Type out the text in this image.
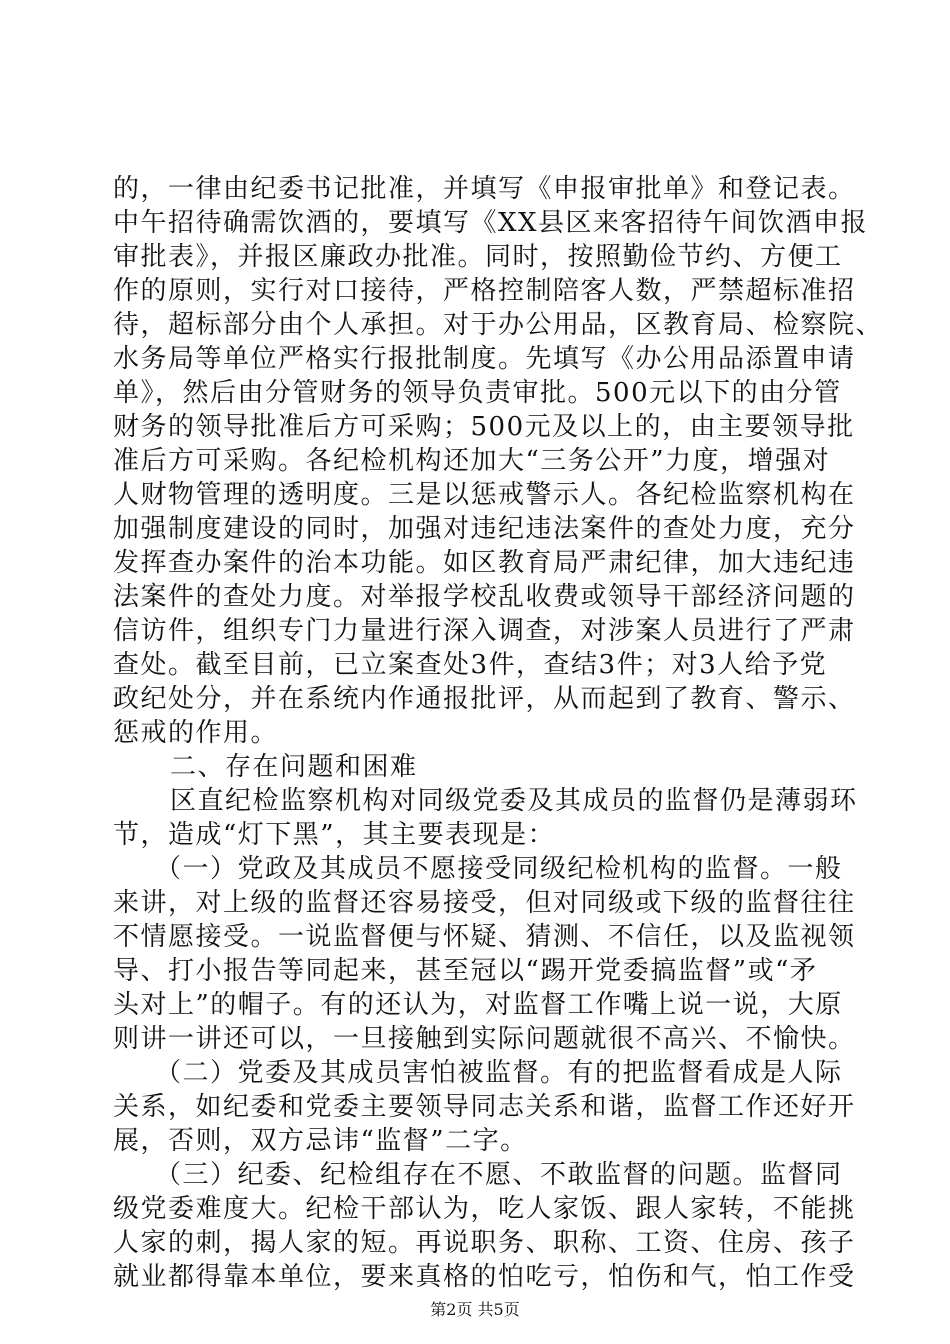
的，一律由纪委书记批准，并填写《申报审批单》和登记表。
中午招待确需饮酒的，要填写《XX县区来客招待午间饮酒申报
审批表》，并报区廉政办批准。同时，按照勤俭节约、方便工
作的原则，实行对口接待，严格控制陪客人数，严禁超标准招
待，超标部分由个人承担。对于办公用品，区教育局、检察院、
水务局等单位严格实行报批制度。先填写《办公用品添置申请
单》，然后由分管财务的领导负责审批。500元以下的由分管
财务的领导批准后方可采购；500元及以上的，由主要领导批
准后方可采购。各纪检机构还加大“三务公开”力度，增强对
人财物管理的透明度。三是以惩戒警示人。各纪检监察机构在
加强制度建设的同时，加强对违纪违法案件的查处力度，充分
发挥查办案件的治本功能。如区教育局严肃纪律，加大违纪违
法案件的查处力度。对举报学校乱收费或领导干部经济问题的
信访件，组织专门力量进行深入调查，对涉案人员进行了严肃
查处。截至目前，已立案查处3件，查结3件；对3人给予党
政纪处分，并在系统内作通报批评，从而起到了教育、警示、
惩戒的作用。
二、存在问题和困难
区直纪检监察机构对同级党委及其成员的监督仍是薄弱环
节，造成“灯下黑”，其主要表现是：
（一）党政及其成员不愿接受同级纪检机构的监督。一般
来讲，对上级的监督还容易接受，但对同级或下级的监督往往
不情愿接受。一说监督便与怀疑、猜测、不信任，以及监视领
导、打小报告等同起来，甚至冠以“踢开党委搞监督”或“矛
头对上”的帽子。有的还认为，对监督工作嘴上说一说，大原
则讲一讲还可以，一旦接触到实际问题就很不高兴、不愉快。
（二）党委及其成员害怕被监督。有的把监督看成是人际
关系，如纪委和党委主要领导同志关系和谐，监督工作还好开
展，否则，双方忌讳“监督”二字。
（三）纪委、纪检组存在不愿、不敢监督的问题。监督同
级党委难度大。纪检干部认为，吃人家饭、跟人家转，不能挑
人家的刺，揭人家的短。再说职务、职称、工资、住房、孩子
就业都得靠本单位，要来真格的怕吃亏，怕伤和气，怕工作受
第2页 共5页
